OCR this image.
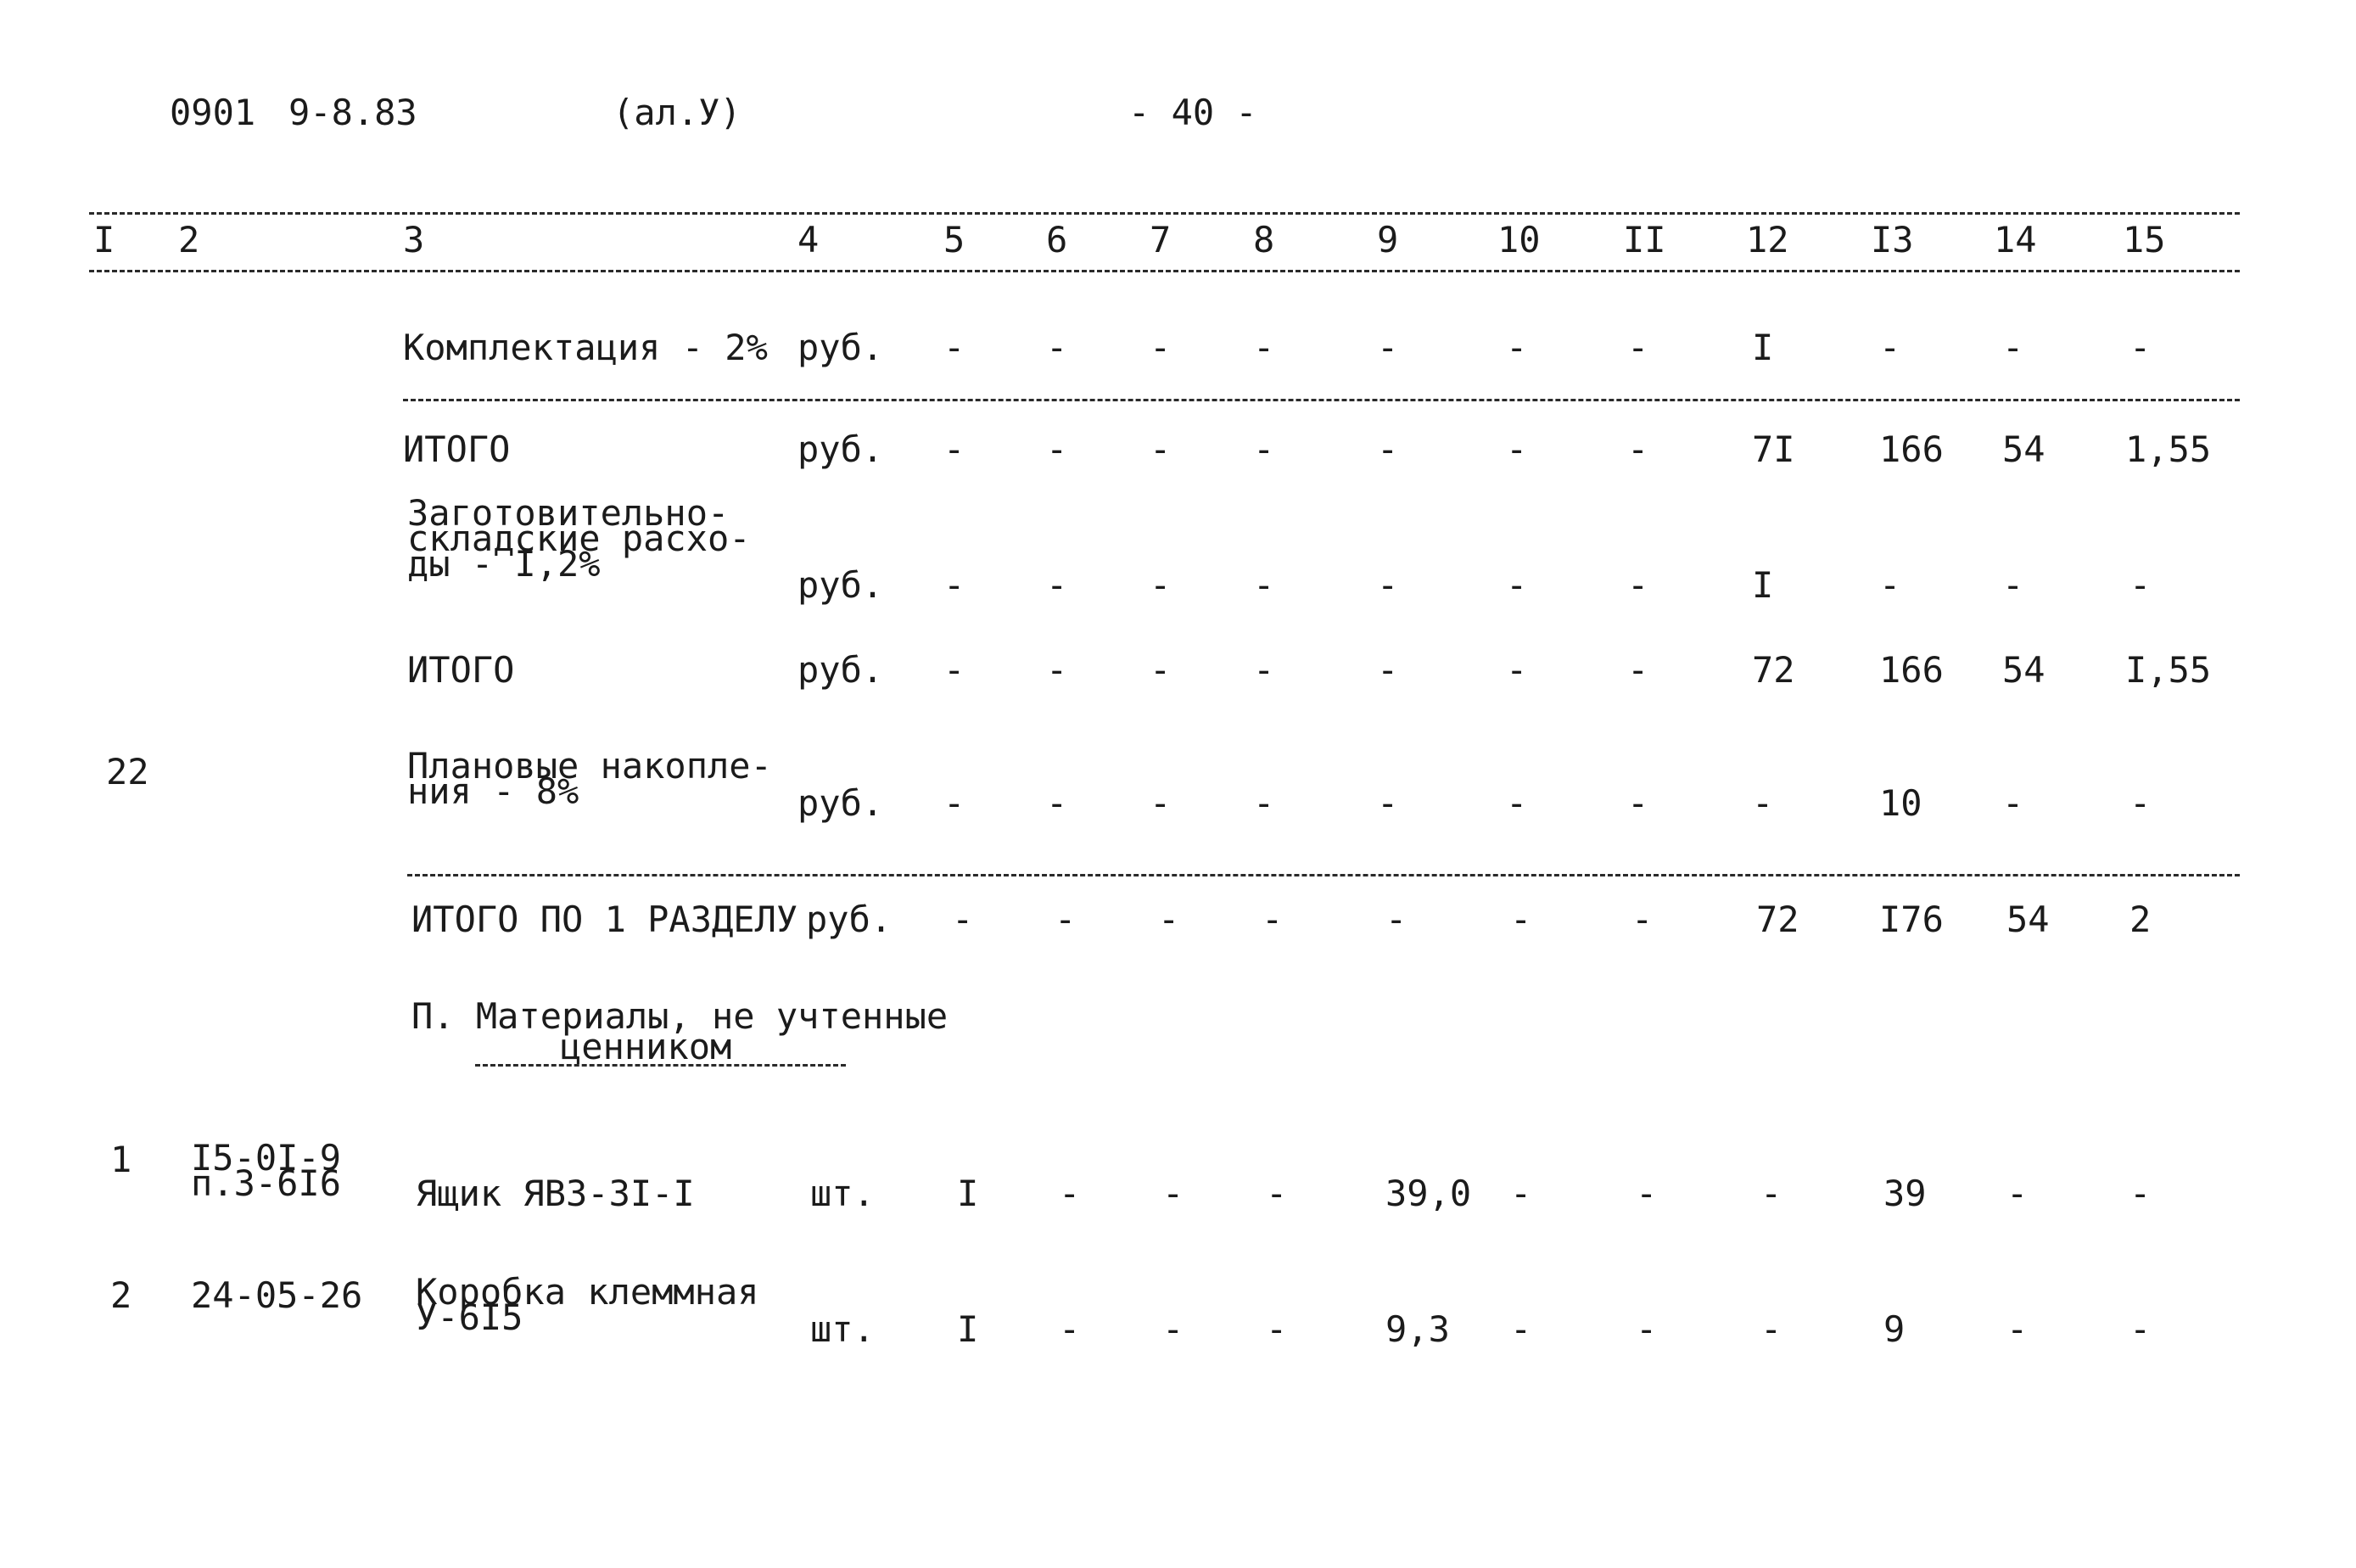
0901 9-8.83	(ал.У)	- 40 -
I 2	3	4	5 6 7 8	9	10 II 12 I3 14 15
Комплектация - 2% руб. - - - -	-	-	-	I	-	-	-
ИТОГО	руб. - - - -	-	-	-	7I 166 54 1,55
Заготовительно-
складские расхо-
ды - I,2%
руб. - - - -	-	-	-	I	-	-	-
ИТОГО	руб. - - - -	-	-	-	72 166 54 I,55
22	Плановые накопле-
ния - 8%	руб. - - - -	-	-	-	-	10 -	-
ИТОГО ПО 1 РАЗДЕЛУ руб. - - - -	-	-	-	72 I76 54 2
П. Материалы, не учтенные
ценником
1 I5-0I-9
п.3-6I6 Ящик ЯВЗ-3I-I	шт. I - - -	39,0 -	-	-	39 -	-
2 24-05-26 Коробка клеммная
У-6I5	шт. I - - -	9,3 -	-	-	9	-	-
